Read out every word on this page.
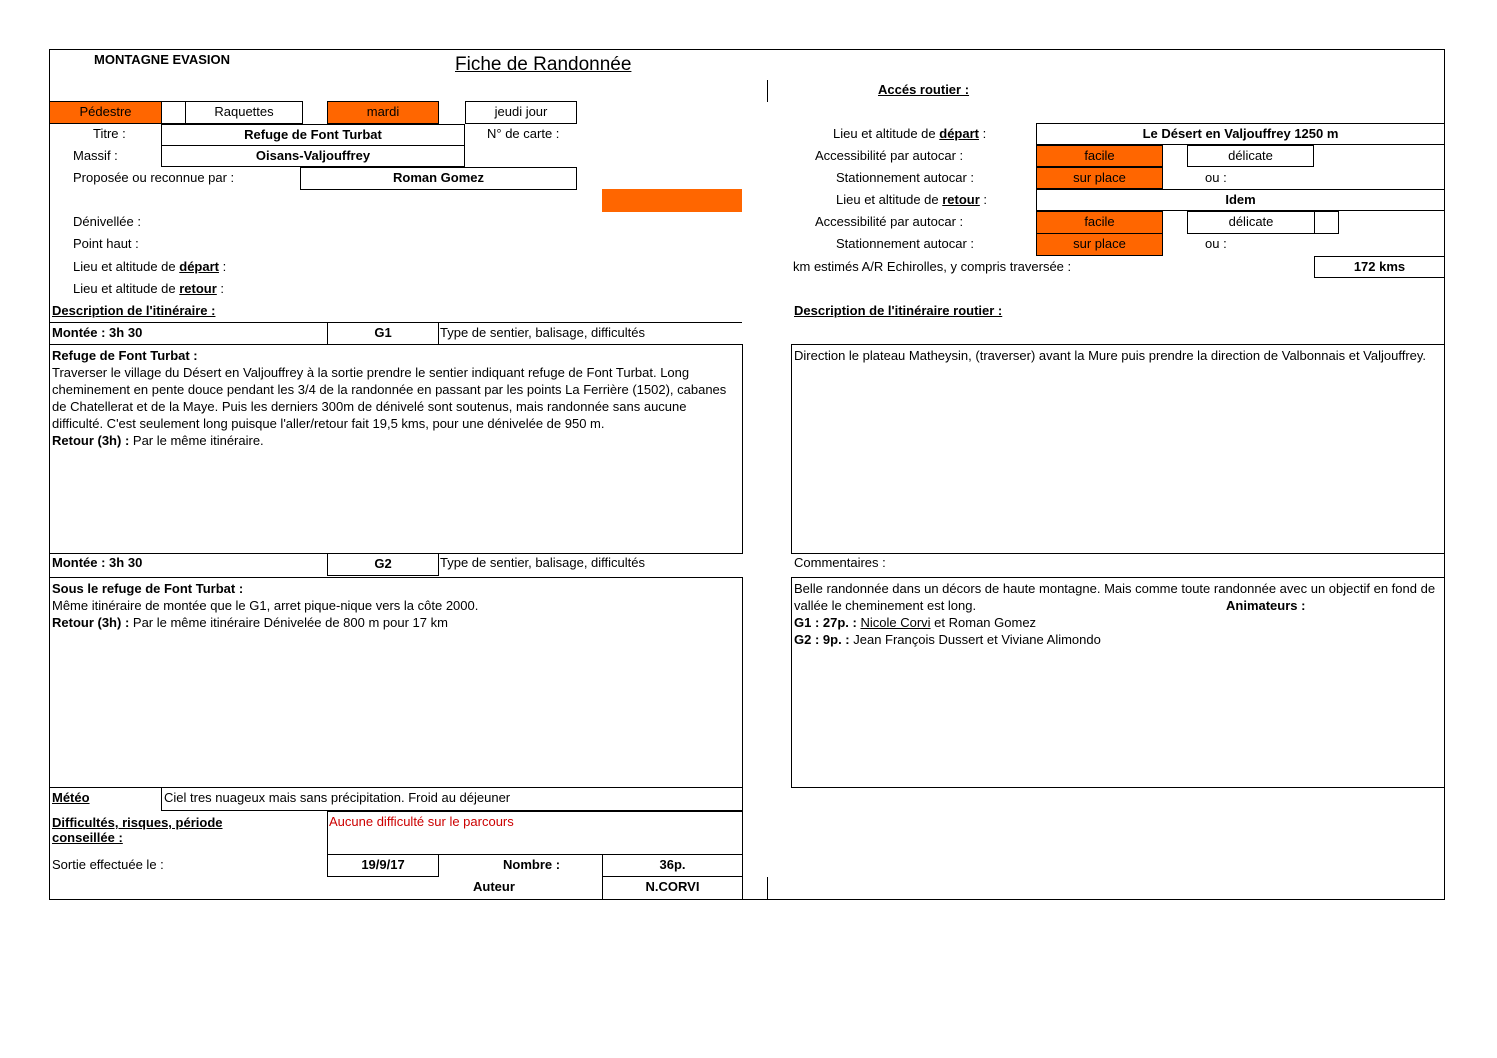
MONTAGNE EVASION	Fiche de Randonnée
Accés routier :
Pédestre	Raquettes	mardi	jeudi jour
Titre :	Refuge de Font Turbat	N° de carte :
Massif :	Oisans-Valjouffrey
Proposée ou reconnue par :	Roman Gomez
Dénivellée :
Point haut :
Lieu et altitude de départ :
Lieu et altitude de retour :
Lieu et altitude de départ :	Le Désert en Valjouffrey 1250 m
Accessibilité par autocar :	facile	délicate
Stationnement autocar :	sur place	ou :
Lieu et altitude de retour :	Idem
Accessibilité par autocar :	facile	délicate
Stationnement autocar :	sur place	ou :
km estimés A/R Echirolles, y compris traversée :	172 kms
Description de l'itinéraire :	Description de l'itinéraire routier :
Montée : 3h 30	G1	Type de sentier, balisage, difficultés
Refuge de Font Turbat :
Traverser le village du Désert en Valjouffrey à la sortie prendre le sentier indiquant refuge de Font Turbat. Long cheminement en pente douce pendant les 3/4 de la randonnée en passant par les points La Ferrière (1502), cabanes de Chatellerat et de la Maye. Puis les derniers 300m de dénivelé sont soutenus, mais randonnée sans aucune difficulté. C'est seulement long puisque l'aller/retour fait 19,5 kms, pour une dénivelée de 950 m.
Retour (3h) : Par le même itinéraire.
Direction le plateau Matheysin, (traverser) avant la Mure puis prendre la direction de Valbonnais et Valjouffrey.
Montée : 3h 30	G2	Type de sentier, balisage, difficultés	Commentaires :
Sous le refuge de Font Turbat :
Même itinéraire de montée que le G1, arret pique-nique vers la côte 2000.
Retour (3h) : Par le même itinéraire Dénivelée de 800 m pour 17 km
Belle randonnée dans un décors de haute montagne. Mais comme toute randonnée avec un objectif en fond de vallée le cheminement est long.	Animateurs :
G1 : 27p. : Nicole Corvi et Roman Gomez
G2 : 9p. : Jean François Dussert et Viviane Alimondo
Météo	Ciel tres nuageux mais sans précipitation. Froid au déjeuner
Difficultés, risques, période
conseillée :
Aucune difficulté sur le parcours
Sortie effectuée le :	19/9/17	Nombre :	36p.
Auteur	N.CORVI
